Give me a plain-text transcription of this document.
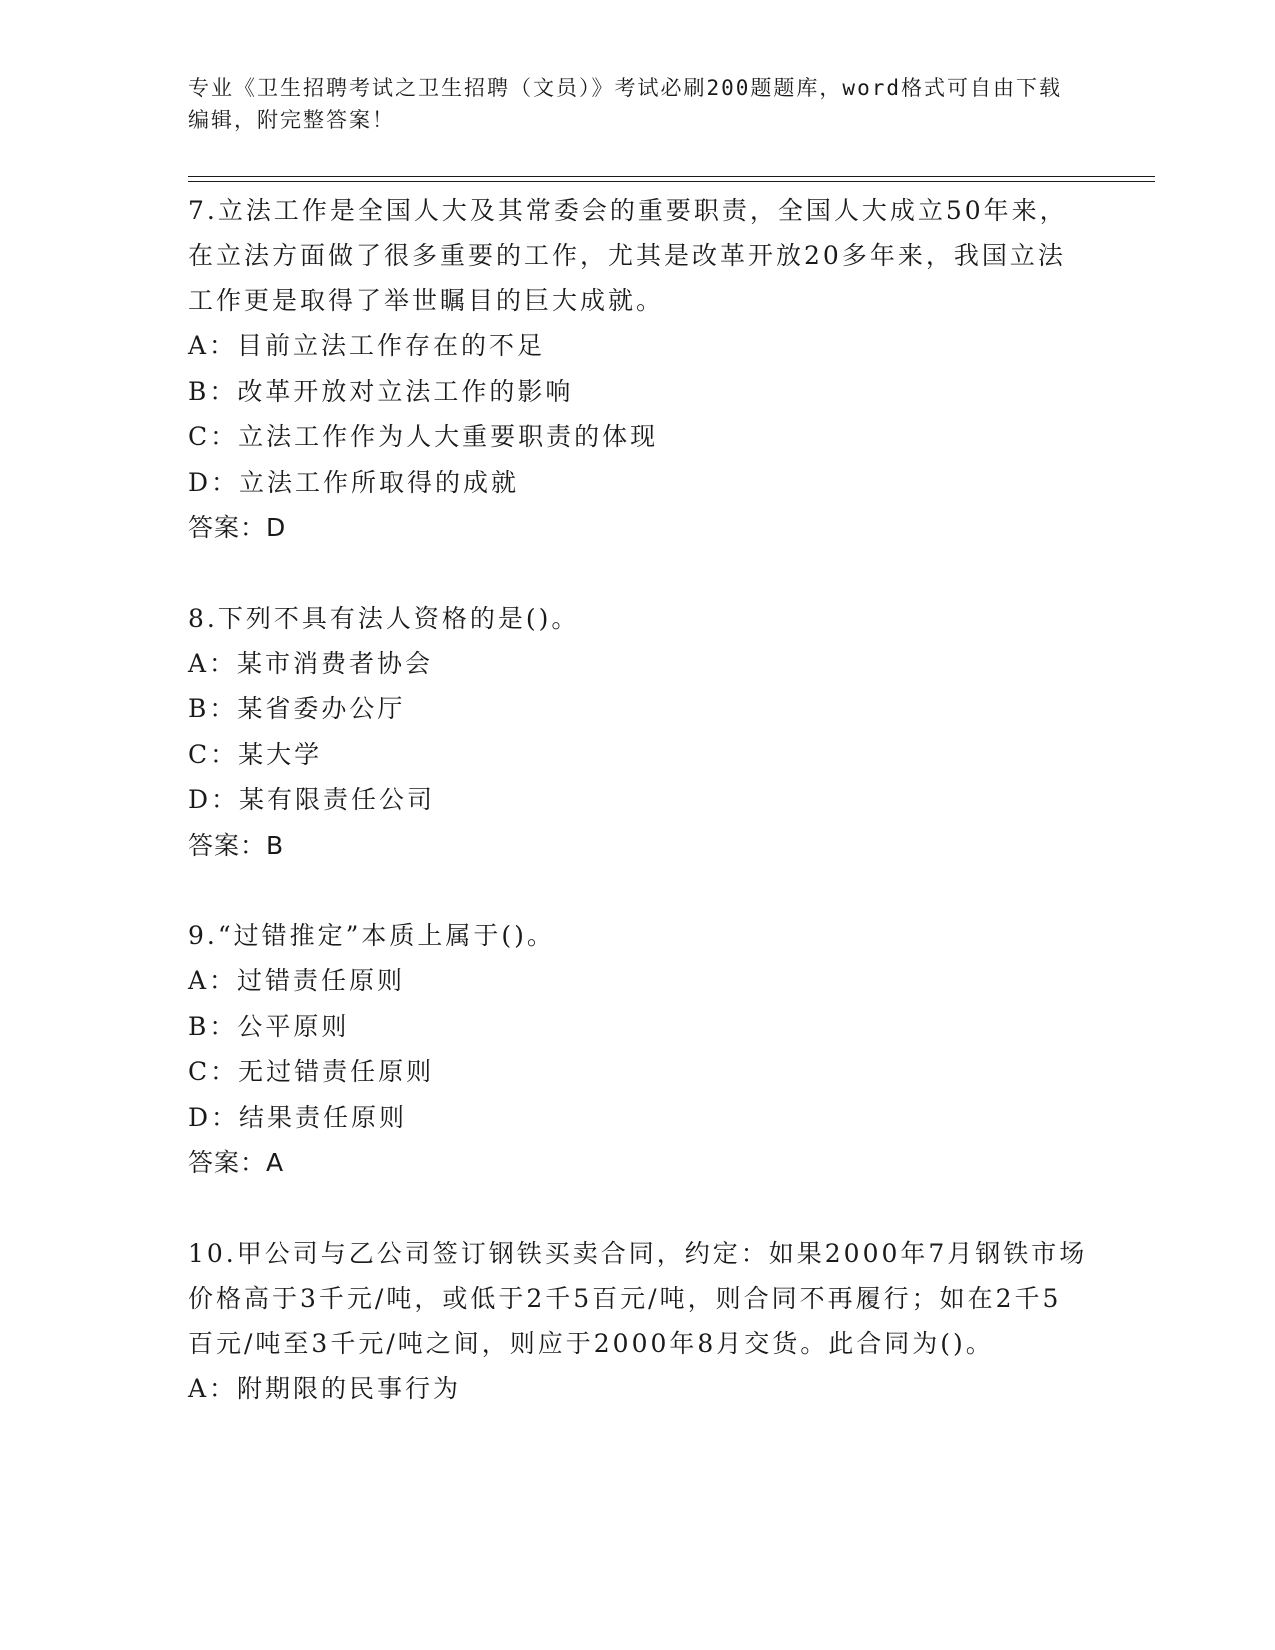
专业《卫生招聘考试之卫生招聘（文员）》考试必刷200题题库，word格式可自由下载编辑，附完整答案！

7.立法工作是全国人大及其常委会的重要职责，全国人大成立50年来，在立法方面做了很多重要的工作，尤其是改革开放20多年来，我国立法工作更是取得了举世瞩目的巨大成就。

A：目前立法工作存在的不足

B：改革开放对立法工作的影响

C：立法工作作为人大重要职责的体现

D：立法工作所取得的成就

答案：D

8.下列不具有法人资格的是()。

A：某市消费者协会

B：某省委办公厅

C：某大学

D：某有限责任公司

答案：B

9.“过错推定”本质上属于()。

A：过错责任原则

B：公平原则

C：无过错责任原则

D：结果责任原则

答案：A

10.甲公司与乙公司签订钢铁买卖合同，约定：如果2000年7月钢铁市场价格高于3千元/吨，或低于2千5百元/吨，则合同不再履行；如在2千5百元/吨至3千元/吨之间，则应于2000年8月交货。此合同为()。

A：附期限的民事行为
